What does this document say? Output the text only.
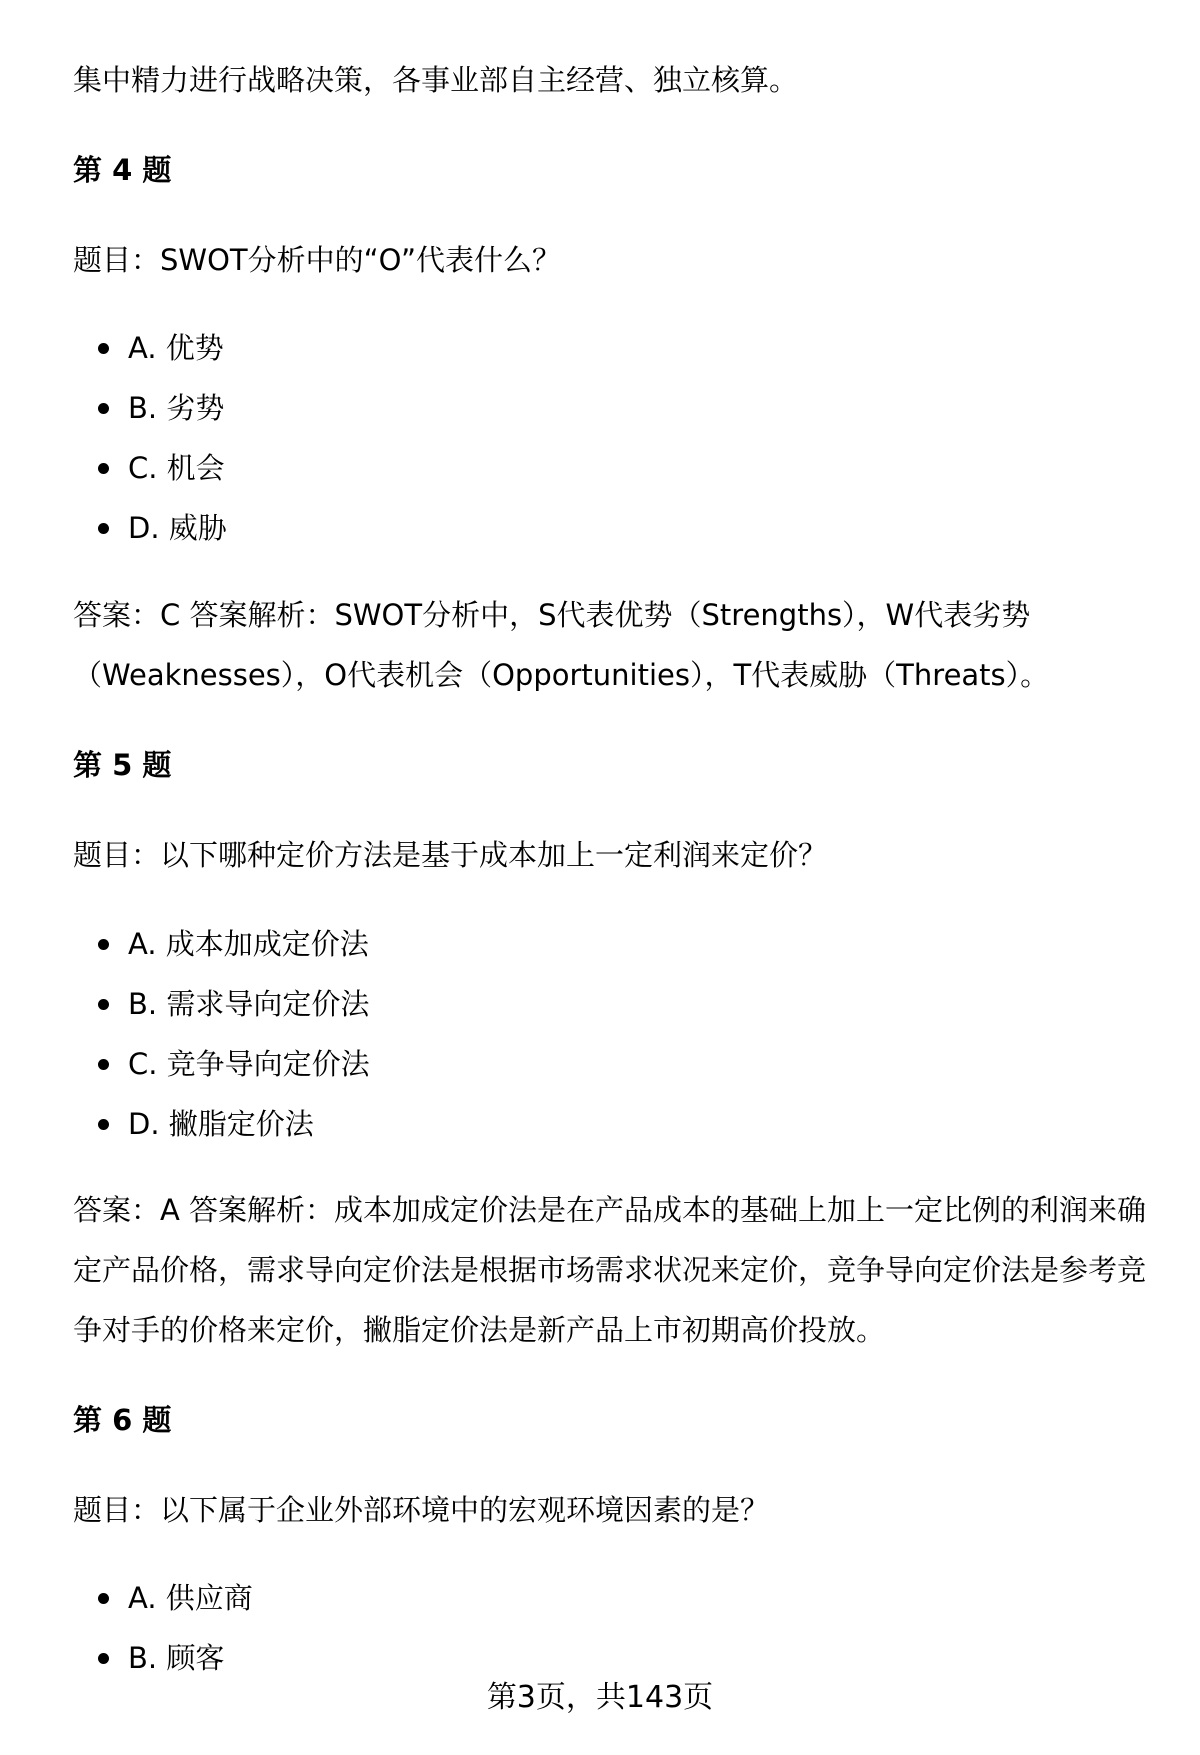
集中精力进行战略决策，各事业部自主经营、独立核算。

第 4 题

题目：SWOT分析中的“O”代表什么？

A. 优势
B. 劣势
C. 机会
D. 威胁

答案：C 答案解析：SWOT分析中，S代表优势（Strengths），W代表劣势（Weaknesses），O代表机会（Opportunities），T代表威胁（Threats）。

第 5 题

题目：以下哪种定价方法是基于成本加上一定利润来定价？

A. 成本加成定价法
B. 需求导向定价法
C. 竞争导向定价法
D. 撇脂定价法

答案：A 答案解析：成本加成定价法是在产品成本的基础上加上一定比例的利润来确定产品价格，需求导向定价法是根据市场需求状况来定价，竞争导向定价法是参考竞争对手的价格来定价，撇脂定价法是新产品上市初期高价投放。

第 6 题

题目：以下属于企业外部环境中的宏观环境因素的是？

A. 供应商
B. 顾客
第3页，共143页
